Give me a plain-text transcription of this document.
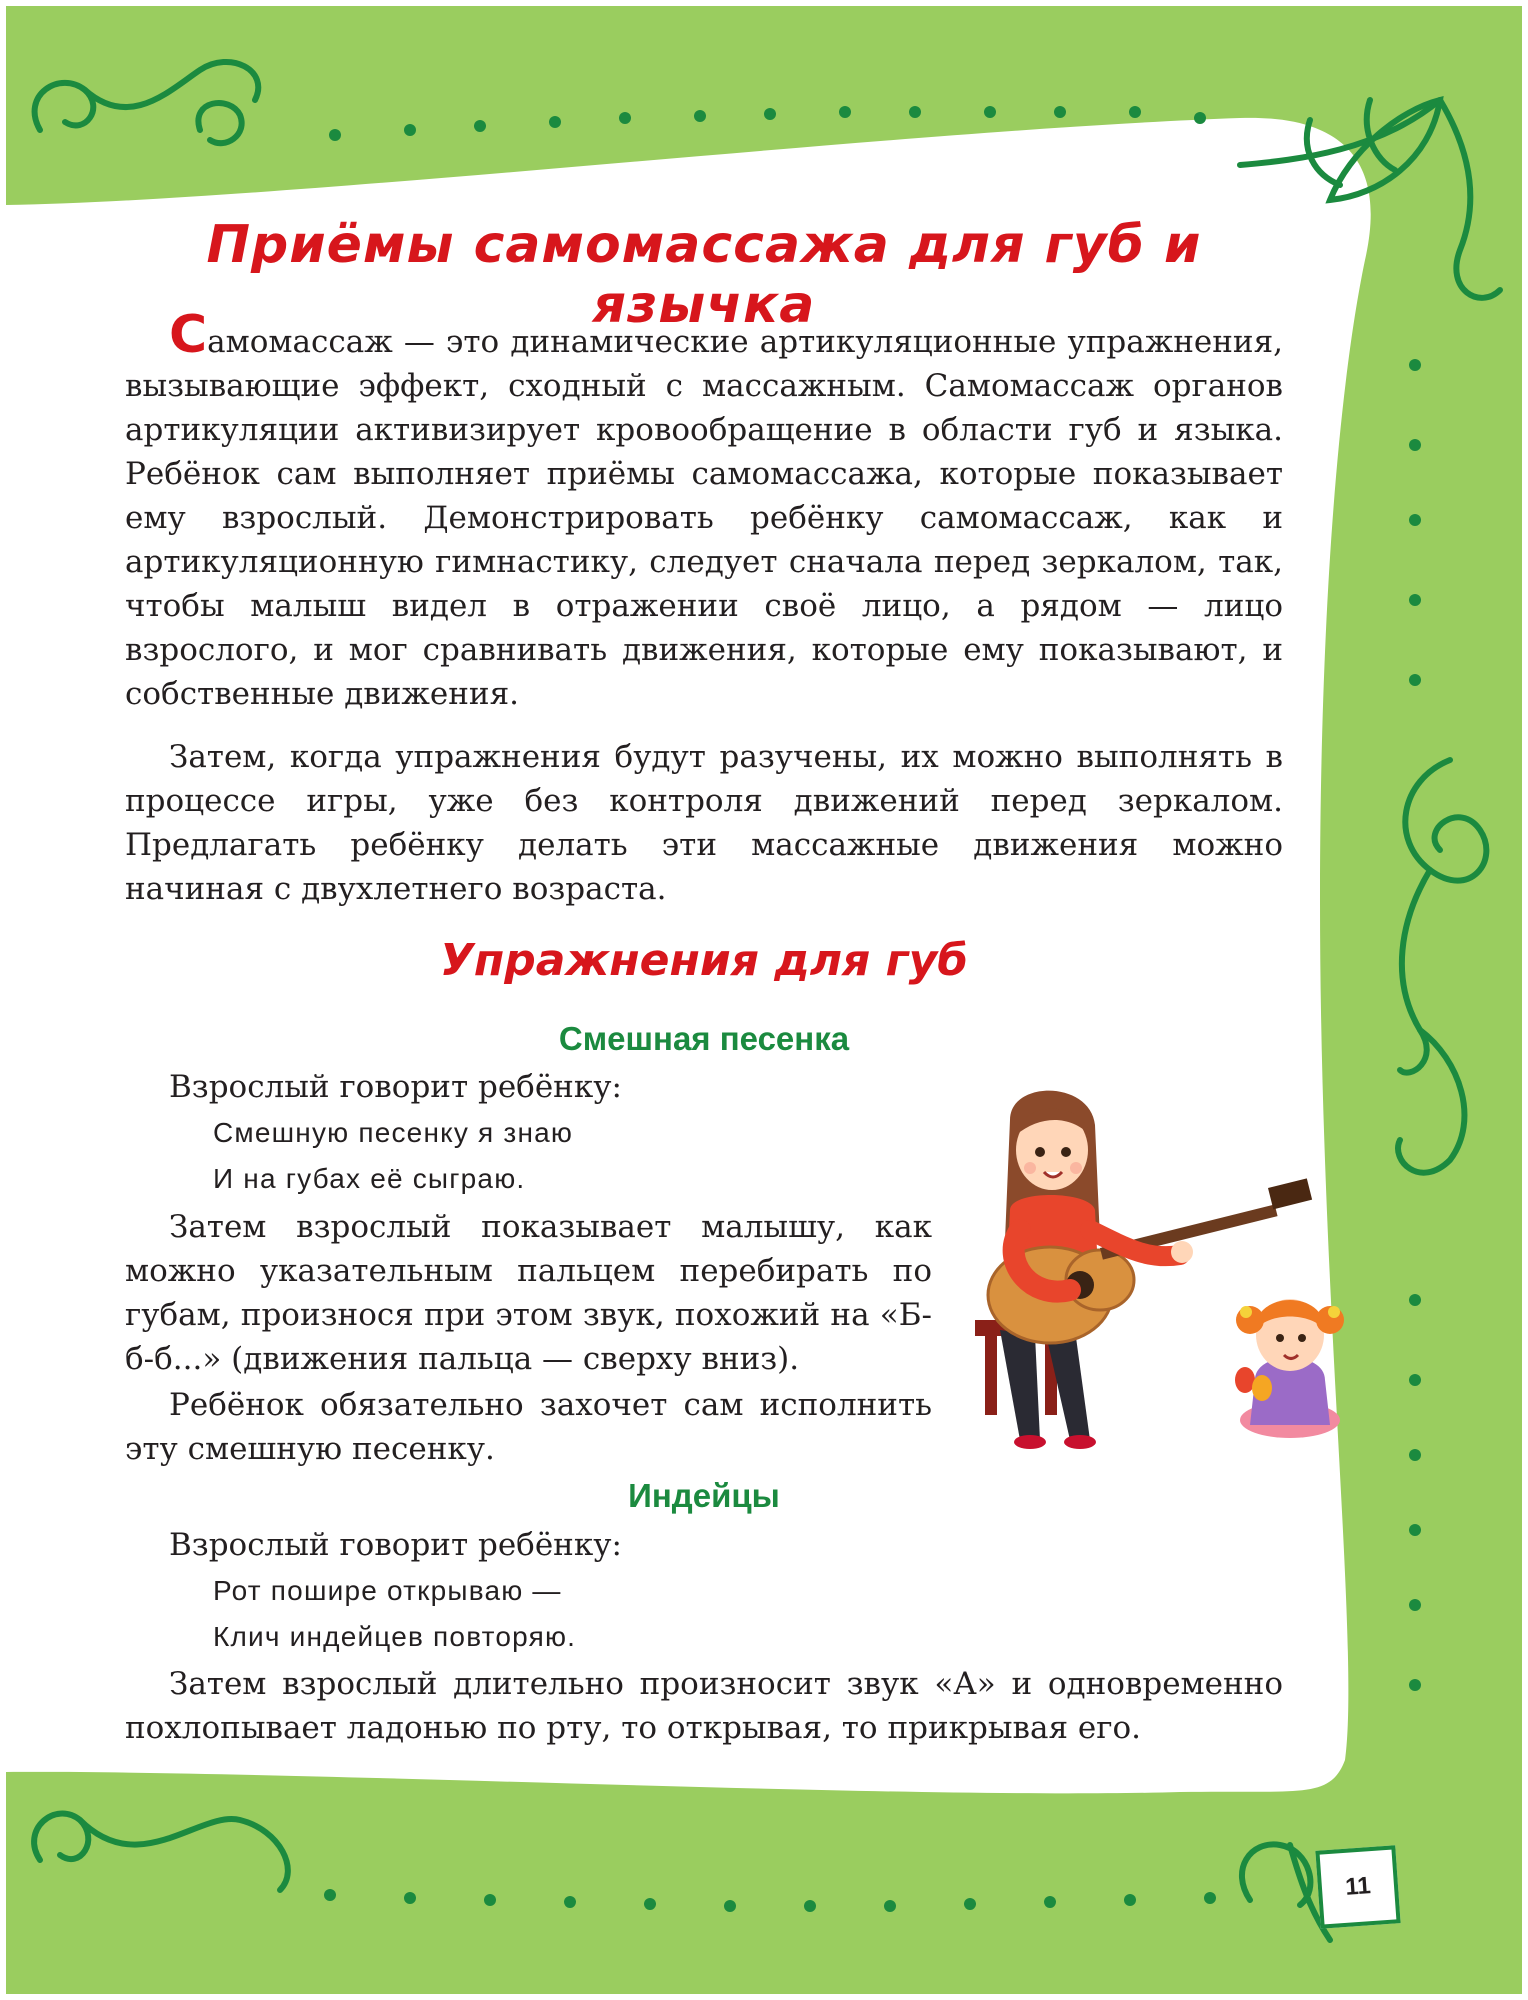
Приёмы самомассажа для губ и язычка

Самомассаж — это динамические артикуляционные упражнения, вызывающие эффект, сходный с массажным. Самомассаж органов артикуляции активизирует кровообращение в области губ и языка. Ребёнок сам выполняет приёмы самомассажа, которые показывает ему взрослый. Демонстрировать ребёнку самомассаж, как и артикуляционную гимнастику, следует сначала перед зеркалом, так, чтобы малыш видел в отражении своё лицо, а рядом — лицо взрослого, и мог сравнивать движения, которые ему показывают, и собственные движения.

Затем, когда упражнения будут разучены, их можно выполнять в процессе игры, уже без контроля движений перед зеркалом. Предлагать ребёнку делать эти массажные движения можно начиная с двухлетнего возраста.

Упражнения для губ
Смешная песенка

Взрослый говорит ребёнку:

Смешную песенку я знаю

И на губах её сыграю.

Затем взрослый показывает малышу, как можно указательным пальцем перебирать по губам, произнося при этом звук, похожий на «Б-б-б...» (движения пальца — сверху вниз).

Ребёнок обязательно захочет сам исполнить эту смешную песенку.

Индейцы

Взрослый говорит ребёнку:

Рот пошире открываю —

Клич индейцев повторяю.

Затем взрослый длительно произносит звук «А» и одновременно похлопывает ладонью по рту, то открывая, то прикрывая его.

11
